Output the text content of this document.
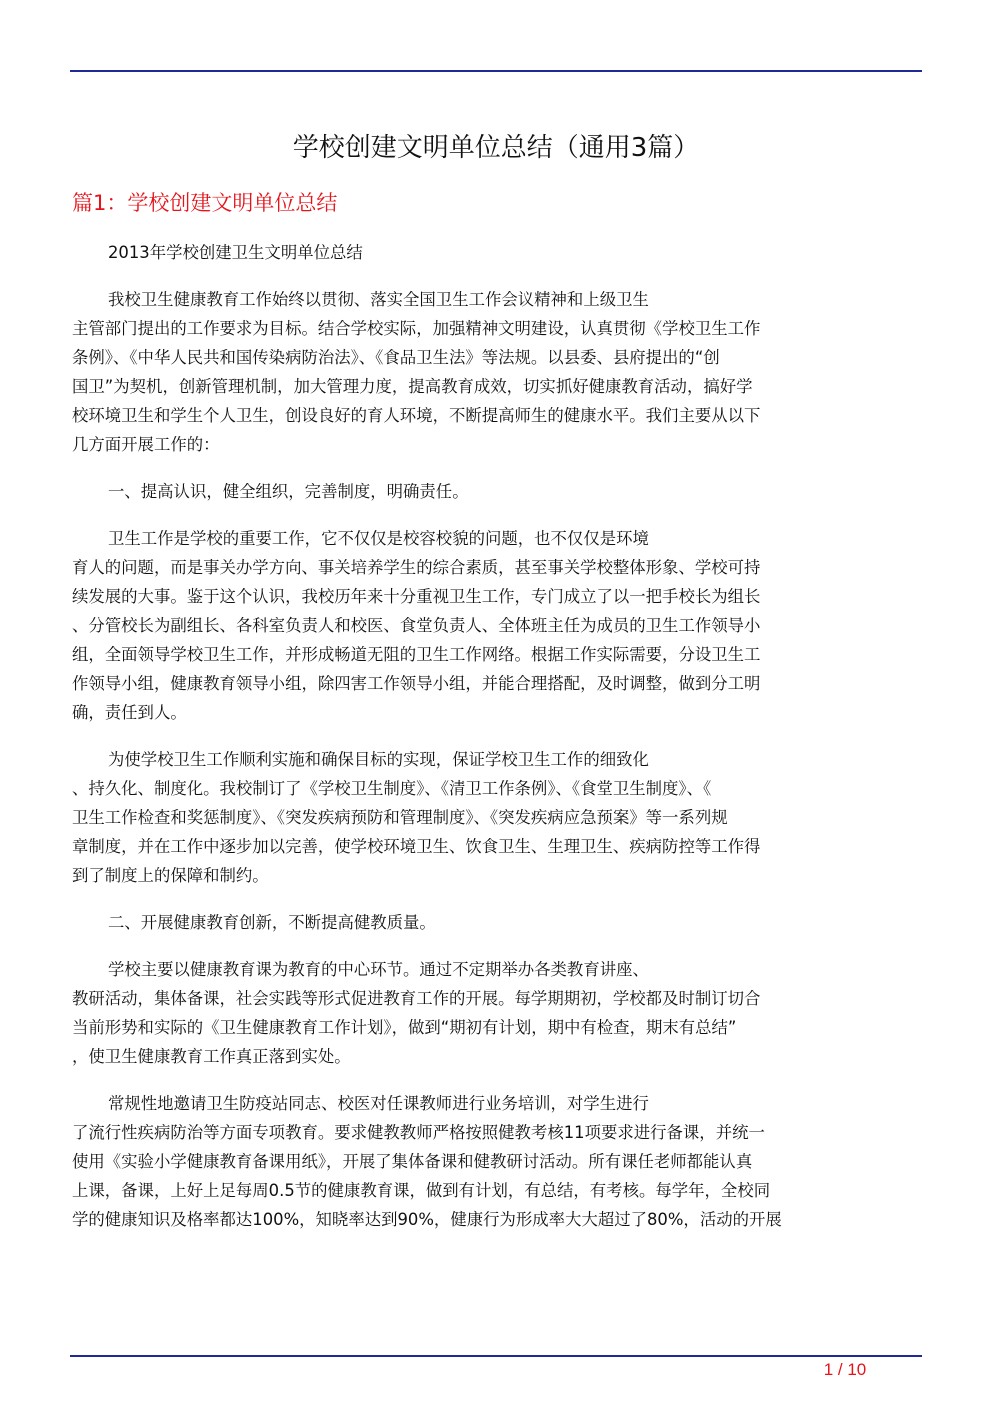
学校创建文明单位总结（通用3篇）
篇1：学校创建文明单位总结
2013年学校创建卫生文明单位总结
我校卫生健康教育工作始终以贯彻、落实全国卫生工作会议精神和上级卫生
主管部门提出的工作要求为目标。结合学校实际，加强精神文明建设，认真贯彻《学校卫生工作
条例》、《中华人民共和国传染病防治法》、《食品卫生法》等法规。以县委、县府提出的“创
国卫”为契机，创新管理机制，加大管理力度，提高教育成效，切实抓好健康教育活动，搞好学
校环境卫生和学生个人卫生，创设良好的育人环境，不断提高师生的健康水平。我们主要从以下
几方面开展工作的：
一、提高认识，健全组织，完善制度，明确责任。
卫生工作是学校的重要工作，它不仅仅是校容校貌的问题，也不仅仅是环境
育人的问题，而是事关办学方向、事关培养学生的综合素质，甚至事关学校整体形象、学校可持
续发展的大事。鉴于这个认识，我校历年来十分重视卫生工作，专门成立了以一把手校长为组长
、分管校长为副组长、各科室负责人和校医、食堂负责人、全体班主任为成员的卫生工作领导小
组，全面领导学校卫生工作，并形成畅道无阻的卫生工作网络。根据工作实际需要，分设卫生工
作领导小组，健康教育领导小组，除四害工作领导小组，并能合理搭配，及时调整，做到分工明
确，责任到人。
为使学校卫生工作顺利实施和确保目标的实现，保证学校卫生工作的细致化
、持久化、制度化。我校制订了《学校卫生制度》、《清卫工作条例》、《食堂卫生制度》、《
卫生工作检查和奖惩制度》、《突发疾病预防和管理制度》、《突发疾病应急预案》等一系列规
章制度，并在工作中逐步加以完善，使学校环境卫生、饮食卫生、生理卫生、疾病防控等工作得
到了制度上的保障和制约。
二、开展健康教育创新，不断提高健教质量。
学校主要以健康教育课为教育的中心环节。通过不定期举办各类教育讲座、
教研活动，集体备课，社会实践等形式促进教育工作的开展。每学期期初，学校都及时制订切合
当前形势和实际的《卫生健康教育工作计划》，做到“期初有计划，期中有检查，期末有总结”
，使卫生健康教育工作真正落到实处。
常规性地邀请卫生防疫站同志、校医对任课教师进行业务培训，对学生进行
了流行性疾病防治等方面专项教育。要求健教教师严格按照健教考核11项要求进行备课，并统一
使用《实验小学健康教育备课用纸》，开展了集体备课和健教研讨活动。所有课任老师都能认真
上课，备课，上好上足每周0.5节的健康教育课，做到有计划，有总结，有考核。每学年，全校同
学的健康知识及格率都达100%，知晓率达到90%，健康行为形成率大大超过了80%，活动的开展
1 / 10
